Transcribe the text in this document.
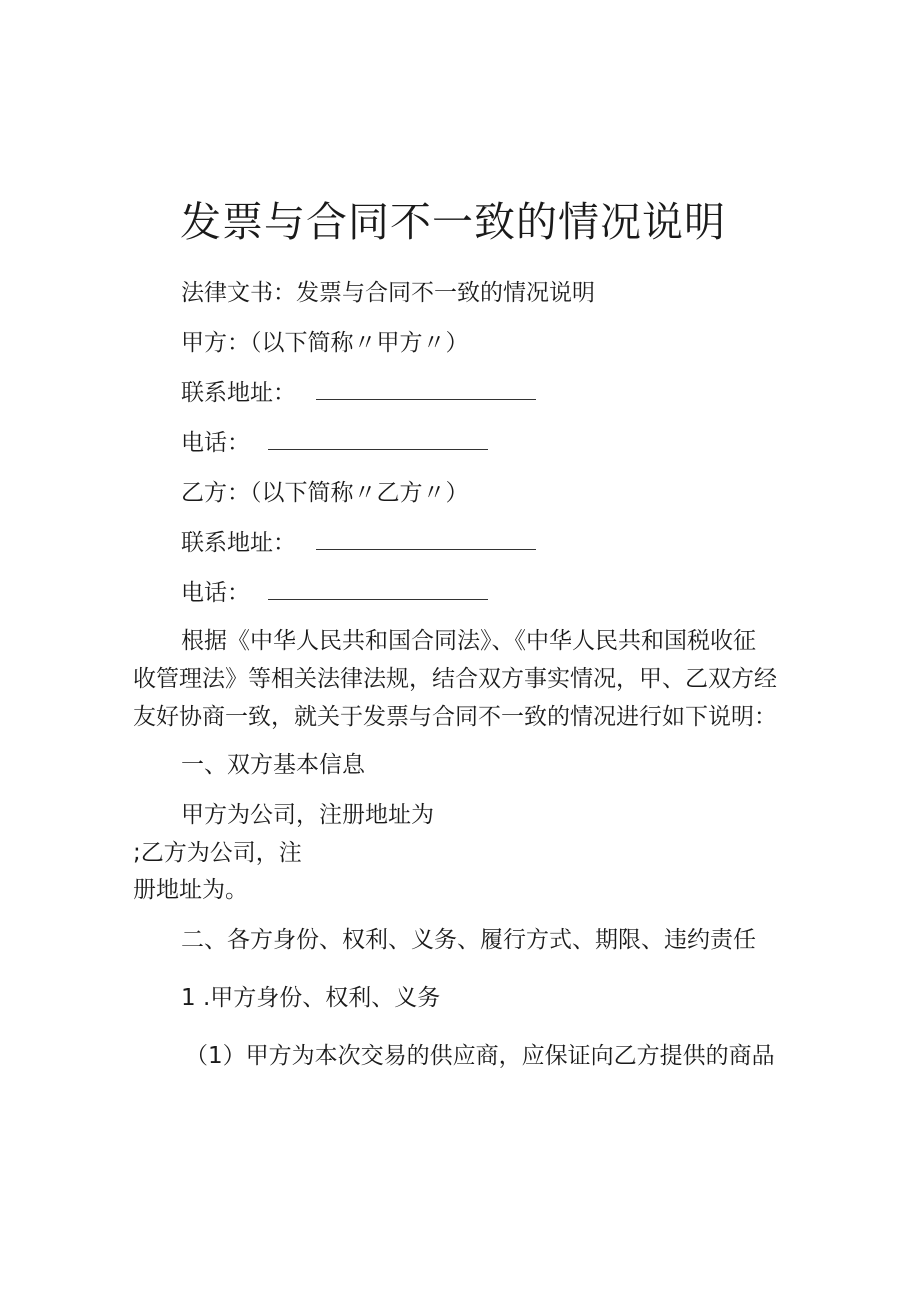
发票与合同不一致的情况说明

法律文书：发票与合同不一致的情况说明

甲方：（以下简称〃甲方〃）

联系地址：

电话：

乙方：（以下简称〃乙方〃）

联系地址：

电话：

根据《中华人民共和国合同法》、《中华人民共和国税收征

收管理法》等相关法律法规，结合双方事实情况，甲、乙双方经

友好协商一致，就关于发票与合同不一致的情况进行如下说明：

一、双方基本信息

甲方为公司，注册地址为

;乙方为公司，注

册地址为。

二、各方身份、权利、义务、履行方式、期限、违约责任

1 .甲方身份、权利、义务

（1）甲方为本次交易的供应商，应保证向乙方提供的商品
